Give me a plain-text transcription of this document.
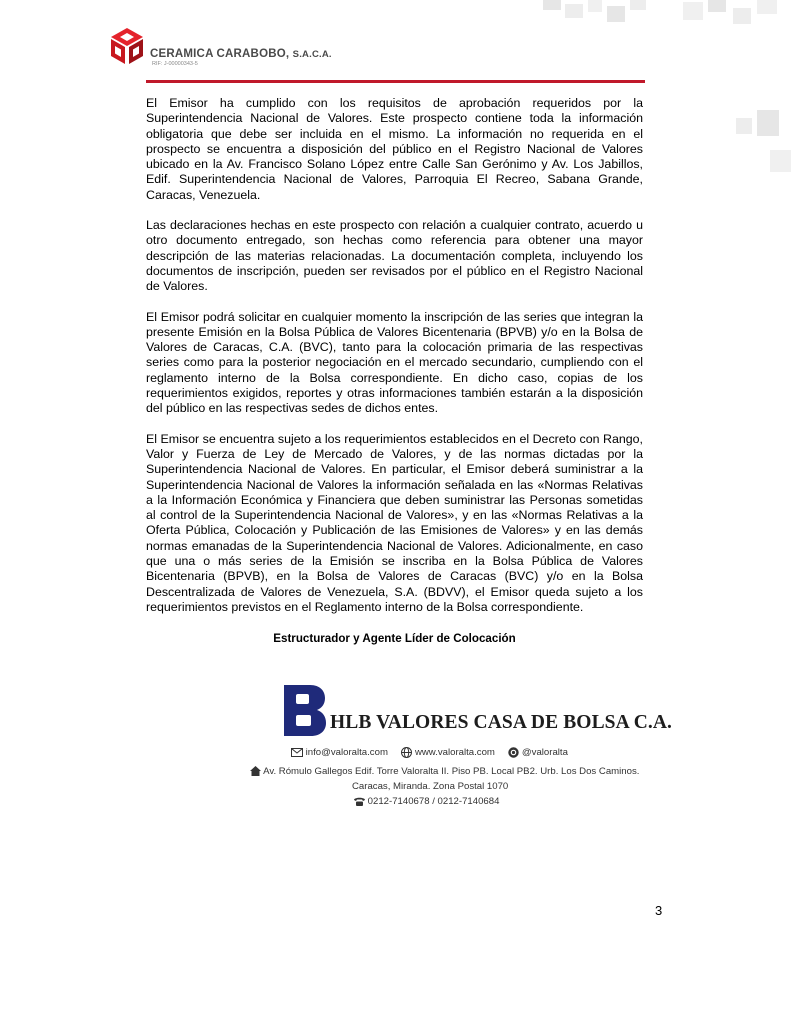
CERAMICA CARABOBO, S.A.C.A.
RIF: J-00000343-5

El Emisor ha cumplido con los requisitos de aprobación requeridos por la Superintendencia Nacional de Valores. Este prospecto contiene toda la información obligatoria que debe ser incluida en el mismo. La información no requerida en el prospecto se encuentra a disposición del público en el Registro Nacional de Valores ubicado en la Av. Francisco Solano López entre Calle San Gerónimo y Av. Los Jabillos, Edif. Superintendencia Nacional de Valores, Parroquia El Recreo, Sabana Grande, Caracas, Venezuela.

Las declaraciones hechas en este prospecto con relación a cualquier contrato, acuerdo u otro documento entregado, son hechas como referencia para obtener una mayor descripción de las materias relacionadas. La documentación completa, incluyendo los documentos de inscripción, pueden ser revisados por el público en el Registro Nacional de Valores.

El Emisor podrá solicitar en cualquier momento la inscripción de las series que integran la presente Emisión en la Bolsa Pública de Valores Bicentenaria (BPVB) y/o en la Bolsa de Valores de Caracas, C.A. (BVC), tanto para la colocación primaria de las respectivas series como para la posterior negociación en el mercado secundario, cumpliendo con el reglamento interno de la Bolsa correspondiente. En dicho caso, copias de los requerimientos exigidos, reportes y otras informaciones también estarán a la disposición del público en las respectivas sedes de dichos entes.

El Emisor se encuentra sujeto a los requerimientos establecidos en el Decreto con Rango, Valor y Fuerza de Ley de Mercado de Valores, y de las normas dictadas por la Superintendencia Nacional de Valores. En particular, el Emisor deberá suministrar a la Superintendencia Nacional de Valores la información señalada en las «Normas Relativas a la Información Económica y Financiera que deben suministrar las Personas sometidas al control de la Superintendencia Nacional de Valores», y en las «Normas Relativas a la Oferta Pública, Colocación y Publicación de las Emisiones de Valores» y en las demás normas emanadas de la Superintendencia Nacional de Valores. Adicionalmente, en caso que una o más series de la Emisión se inscriba en la Bolsa Pública de Valores Bicentenaria (BPVB), en la Bolsa de Valores de Caracas (BVC) y/o en la Bolsa Descentralizada de Valores de Venezuela, S.A. (BDVV), el Emisor queda sujeto a los requerimientos previstos en el Reglamento interno de la Bolsa correspondiente.

Estructurador y Agente Líder de Colocación
HLB VALORES CASA DE BOLSA C.A.
info@valoralta.com	www.valoralta.com	@valoralta
Av. Rómulo Gallegos Edif. Torre Valoralta II. Piso PB. Local PB2. Urb. Los Dos Caminos.
Caracas, Miranda. Zona Postal 1070
0212-7140678 / 0212-7140684
3
